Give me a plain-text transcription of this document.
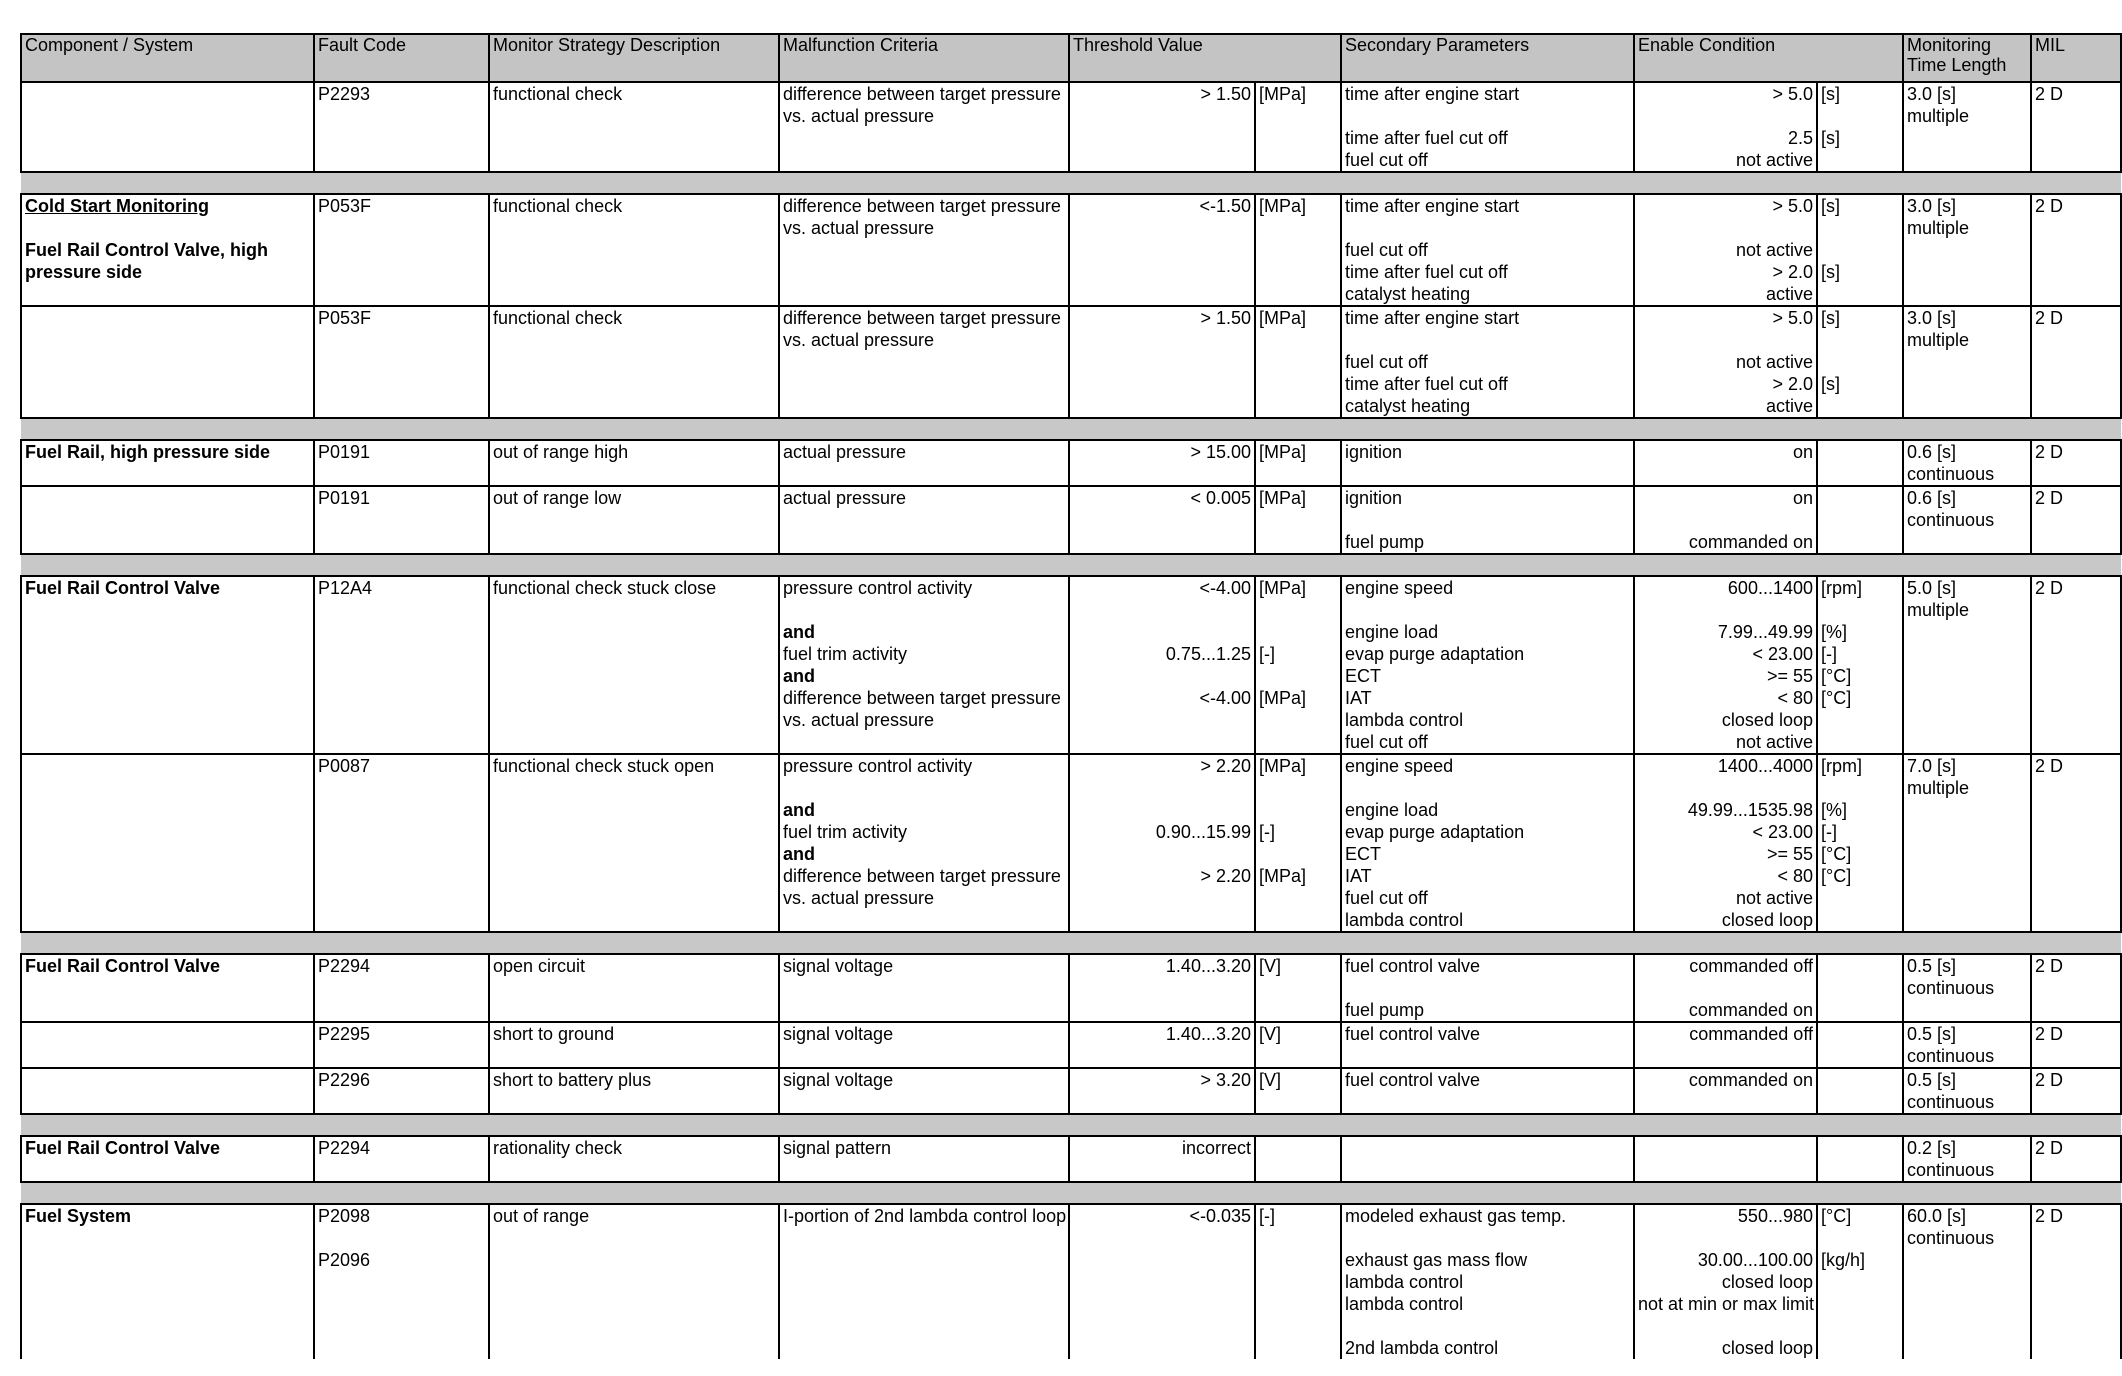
Component / System	Fault Code	Monitor Strategy Description	Malfunction Criteria	Threshold Value		Secondary Parameters	Enable Condition		Monitoring
Time Length	MIL
	P2293	functional check	difference between target pressure	> 1.50	[MPa]	time after engine start	> 5.0	[s]	3.0 [s]	2 D
			vs. actual pressure						multiple	
						time after fuel cut off	2.5	[s]		
						fuel cut off	not active			

Cold Start Monitoring	P053F	functional check	difference between target pressure	<-1.50	[MPa]	time after engine start	> 5.0	[s]	3.0 [s]	2 D
			vs. actual pressure						multiple	
Fuel Rail Control Valve, high						fuel cut off	not active			
pressure side						time after fuel cut off	> 2.0	[s]		
						catalyst heating	active			
	P053F	functional check	difference between target pressure	> 1.50	[MPa]	time after engine start	> 5.0	[s]	3.0 [s]	2 D
			vs. actual pressure						multiple	
						fuel cut off	not active			
						time after fuel cut off	> 2.0	[s]		
						catalyst heating	active			

Fuel Rail, high pressure side	P0191	out of range high	actual pressure	> 15.00	[MPa]	ignition	on		0.6 [s]	2 D
									continuous	
	P0191	out of range low	actual pressure	< 0.005	[MPa]	ignition	on		0.6 [s]	2 D
									continuous	
						fuel pump	commanded on			

Fuel Rail Control Valve	P12A4	functional check stuck close	pressure control activity	<-4.00	[MPa]	engine speed	600...1400	[rpm]	5.0 [s]	2 D
									multiple	
			and			engine load	7.99...49.99	[%]		
			fuel trim activity	0.75...1.25	[-]	evap purge adaptation	< 23.00	[-]		
			and			ECT	>= 55	[°C]		
			difference between target pressure	<-4.00	[MPa]	IAT	< 80	[°C]		
			vs. actual pressure			lambda control	closed loop			
						fuel cut off	not active			
	P0087	functional check stuck open	pressure control activity	> 2.20	[MPa]	engine speed	1400...4000	[rpm]	7.0 [s]	2 D
									multiple	
			and			engine load	49.99...1535.98	[%]		
			fuel trim activity	0.90...15.99	[-]	evap purge adaptation	< 23.00	[-]		
			and			ECT	>= 55	[°C]		
			difference between target pressure	> 2.20	[MPa]	IAT	< 80	[°C]		
			vs. actual pressure			fuel cut off	not active			
						lambda control	closed loop			

Fuel Rail Control Valve	P2294	open circuit	signal voltage	1.40...3.20	[V]	fuel control valve	commanded off		0.5 [s]	2 D
									continuous	
						fuel pump	commanded on			
	P2295	short to ground	signal voltage	1.40...3.20	[V]	fuel control valve	commanded off		0.5 [s]	2 D
									continuous	
	P2296	short to battery plus	signal voltage	> 3.20	[V]	fuel control valve	commanded on		0.5 [s]	2 D
									continuous	

Fuel Rail Control Valve	P2294	rationality check	signal pattern	incorrect					0.2 [s]	2 D
									continuous	

Fuel System	P2098	out of range	I-portion of 2nd lambda control loop	<-0.035	[-]	modeled exhaust gas temp.	550...980	[°C]	60.0 [s]	2 D
									continuous	
	P2096					exhaust gas mass flow	30.00...100.00	[kg/h]		
						lambda control	closed loop			
						lambda control	not at min or max limit			

						2nd lambda control	closed loop			
